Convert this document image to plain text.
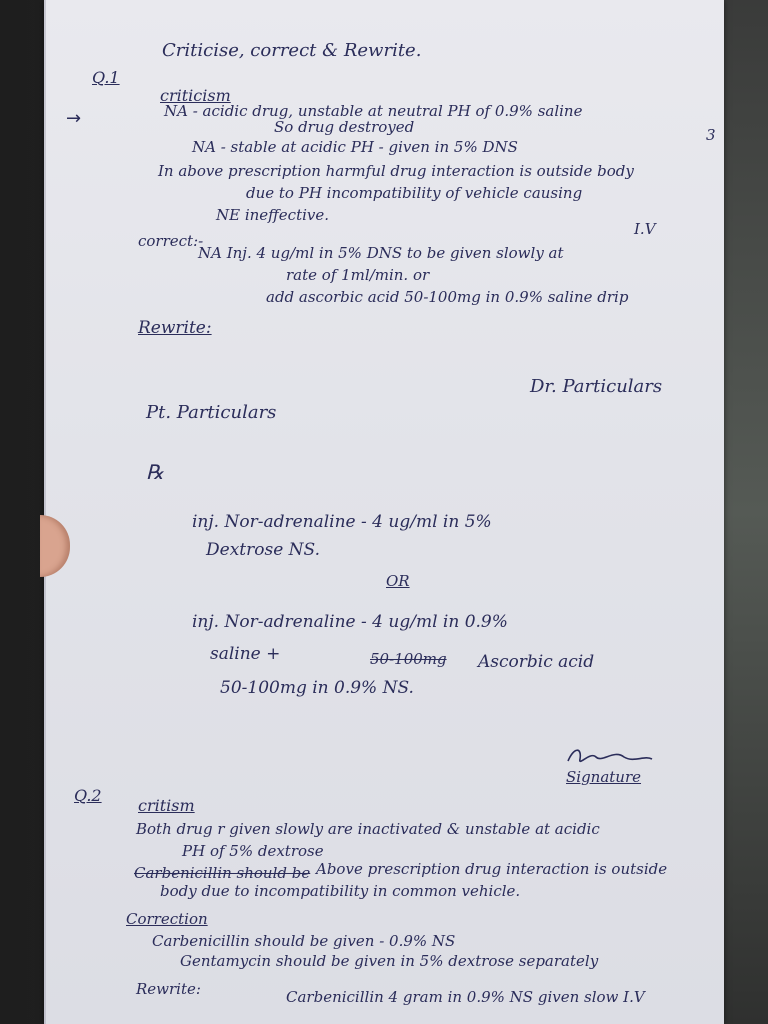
Criticise, correct & Rewrite.
Q.1
→
criticism
NA - acidic drug, unstable at neutral PH of 0.9% saline
So drug destroyed
NA - stable at acidic PH - given in 5% DNS
In above prescription harmful drug interaction is outside body
due to PH incompatibility of vehicle causing
NE ineffective.
3
correct:-
I.V
NA Inj. 4 ug/ml in 5% DNS to be given slowly at
rate of 1ml/min. or
add ascorbic acid 50-100mg in 0.9% saline drip
Rewrite:
Dr. Particulars
Pt. Particulars
℞
inj. Nor-adrenaline - 4 ug/ml in 5%
Dextrose NS.
OR
inj. Nor-adrenaline - 4 ug/ml in 0.9%
saline +	50-100mg Ascorbic acid
50-100mg in 0.9% NS.
Signature
Q.2
critism
Both drug r given slowly are inactivated & unstable at acidic
PH of 5% dextrose
Carbenicillin should be Above prescription drug interaction is outside
body due to incompatibility in common vehicle.
Correction
Carbenicillin should be given - 0.9% NS
Gentamycin should be given in 5% dextrose separately
Rewrite:	Carbenicillin 4 gram in 0.9% NS given slow I.V
